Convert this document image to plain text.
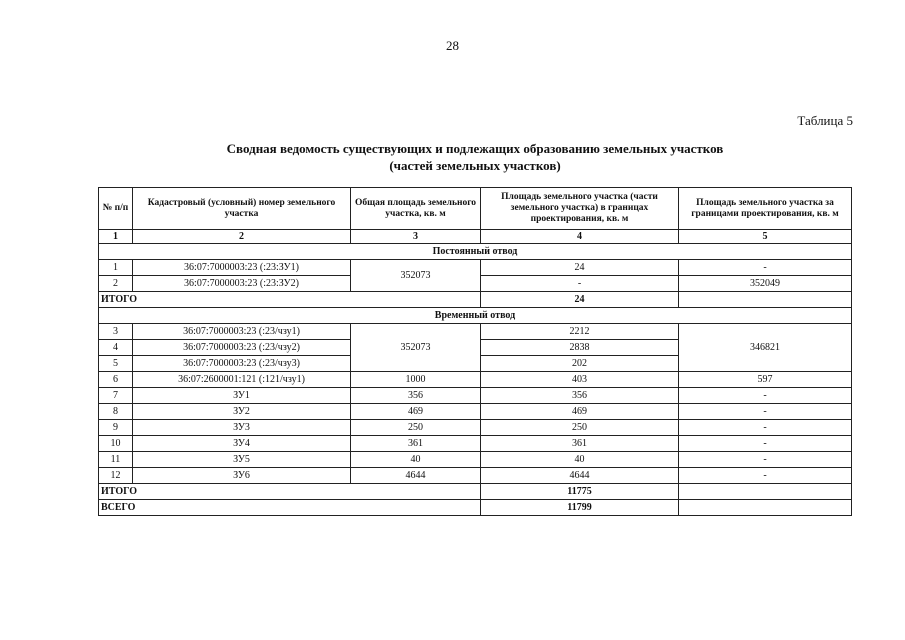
28
Таблица 5
Сводная ведомость существующих и подлежащих образованию земельных участков
(частей земельных участков)
№ п/п	Кадастровый (условный) номер земельного участка	Общая площадь земельного участка, кв. м	Площадь земельного участка (части земельного участка) в границах проектирования, кв. м	Площадь земельного участка за границами проектирования, кв. м
1	2	3	4	5
Постоянный отвод				
1	36:07:7000003:23 (:23:ЗУ1)	352073	24	-
2	36:07:7000003:23 (:23:ЗУ2)		-	352049
ИТОГО			24	
Временный отвод				
3	36:07:7000003:23 (:23/чзу1)	352073	2212	346821
4	36:07:7000003:23 (:23/чзу2)		2838	
5	36:07:7000003:23 (:23/чзу3)		202	
6	36:07:2600001:121 (:121/чзу1)	1000	403	597
7	ЗУ1	356	356	-
8	ЗУ2	469	469	-
9	ЗУ3	250	250	-
10	ЗУ4	361	361	-
11	ЗУ5	40	40	-
12	ЗУ6	4644	4644	-
ИТОГО			11775	
ВСЕГО			11799	
